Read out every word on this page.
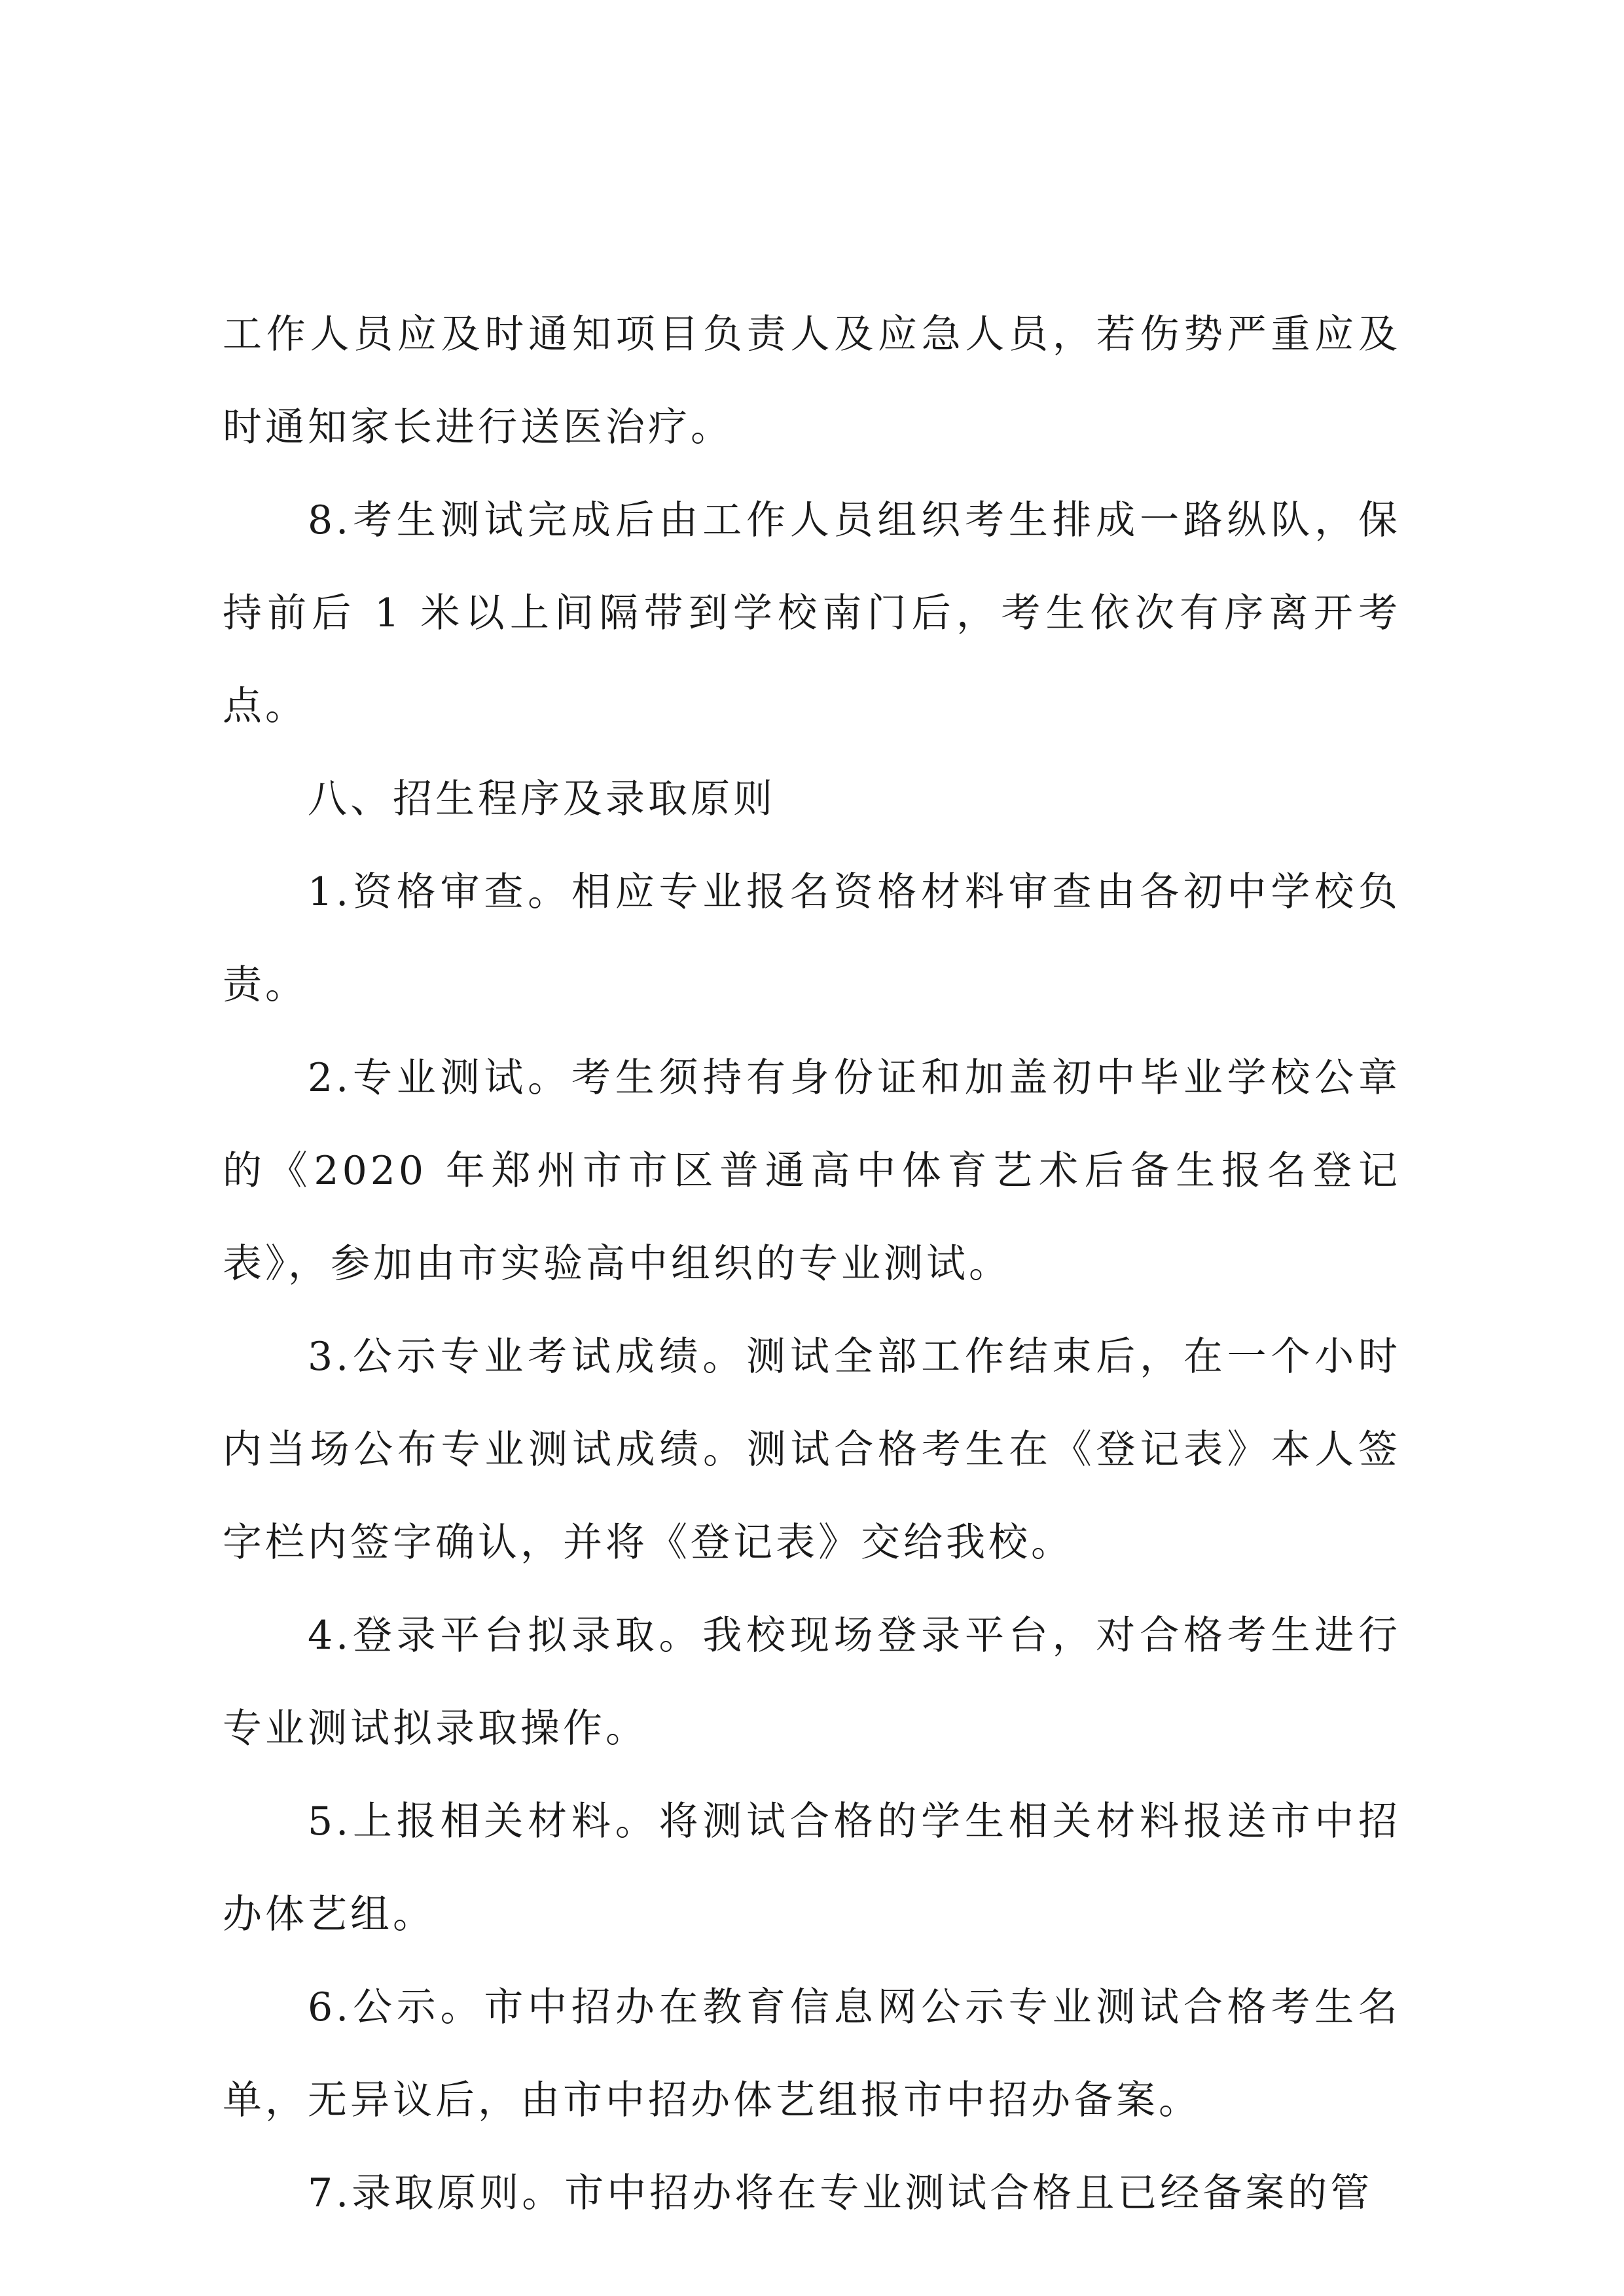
工作人员应及时通知项目负责人及应急人员，若伤势严重应及时通知家长进行送医治疗。

8.考生测试完成后由工作人员组织考生排成一路纵队，保持前后 1 米以上间隔带到学校南门后，考生依次有序离开考点。

八、招生程序及录取原则

1.资格审查。相应专业报名资格材料审查由各初中学校负责。

2.专业测试。考生须持有身份证和加盖初中毕业学校公章的《2020 年郑州市市区普通高中体育艺术后备生报名登记表》，参加由市实验高中组织的专业测试。

3.公示专业考试成绩。测试全部工作结束后，在一个小时内当场公布专业测试成绩。测试合格考生在《登记表》本人签字栏内签字确认，并将《登记表》交给我校。

4.登录平台拟录取。我校现场登录平台，对合格考生进行专业测试拟录取操作。

5.上报相关材料。将测试合格的学生相关材料报送市中招办体艺组。

6.公示。市中招办在教育信息网公示专业测试合格考生名单，无异议后，由市中招办体艺组报市中招办备案。

7.录取原则。市中招办将在专业测试合格且已经备案的管
